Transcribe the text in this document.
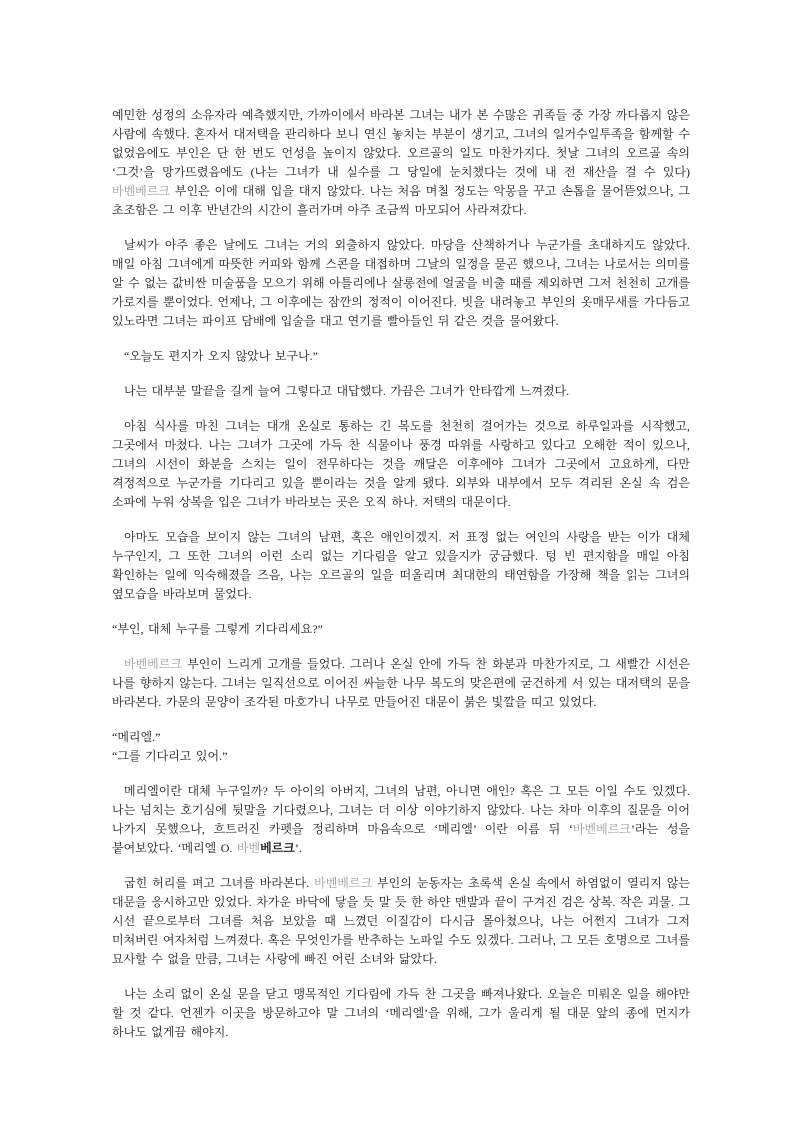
예민한 성정의 소유자라 예측했지만, 가까이에서 바라본 그녀는 내가 본 수많은 귀족들 중 가장 까다롭지 않은 사람에 속했다. 혼자서 대저택을 관리하다 보니 연신 놓치는 부분이 생기고, 그녀의 일거수일투족을 함께할 수 없었음에도 부인은 단 한 번도 언성을 높이지 않았다. 오르골의 일도 마찬가지다. 첫날 그녀의 오르골 속의 ‘그것’을 망가뜨렸음에도 (나는 그녀가 내 실수를 그 당일에 눈치챘다는 것에 내 전 재산을 걸 수 있다) 바벤베르크 부인은 이에 대해 입을 대지 않았다. 나는 처음 며칠 정도는 악몽을 꾸고 손톱을 물어뜯었으나, 그 초조함은 그 이후 반년간의 시간이 흘러가며 아주 조금씩 마모되어 사라져갔다.

날씨가 아주 좋은 날에도 그녀는 거의 외출하지 않았다. 마당을 산책하거나 누군가를 초대하지도 않았다. 매일 아침 그녀에게 따뜻한 커피와 함께 스콘을 대접하며 그날의 일정을 묻곤 했으나, 그녀는 나로서는 의미를 알 수 없는 값비싼 미술품을 모으기 위해 아틀리에나 살롱전에 얼굴을 비출 때를 제외하면 그저 천천히 고개를 가로지를 뿐이었다. 언제나, 그 이후에는 잠깐의 정적이 이어진다. 빗을 내려놓고 부인의 옷매무새를 가다듬고 있노라면 그녀는 파이프 담배에 입술을 대고 연기를 빨아들인 뒤 같은 것을 물어왔다.

“오늘도 편지가 오지 않았나 보구나.”

나는 대부분 말끝을 길게 늘여 그렇다고 대답했다. 가끔은 그녀가 안타깝게 느껴졌다.

아침 식사를 마친 그녀는 대개 온실로 통하는 긴 복도를 천천히 걸어가는 것으로 하루일과를 시작했고, 그곳에서 마쳤다. 나는 그녀가 그곳에 가득 찬 식물이나 풍경 따위를 사랑하고 있다고 오해한 적이 있으나, 그녀의 시선이 화분을 스치는 일이 전무하다는 것을 깨달은 이후에야 그녀가 그곳에서 고요하게, 다만 격정적으로 누군가를 기다리고 있을 뿐이라는 것을 알게 됐다. 외부와 내부에서 모두 격리된 온실 속 검은 소파에 누워 상복을 입은 그녀가 바라보는 곳은 오직 하나. 저택의 대문이다.

아마도 모습을 보이지 않는 그녀의 남편, 혹은 애인이겠지. 저 표정 없는 여인의 사랑을 받는 이가 대체 누구인지, 그 또한 그녀의 이런 소리 없는 기다림을 알고 있을지가 궁금했다. 텅 빈 편지함을 매일 아침 확인하는 일에 익숙해졌을 즈음, 나는 오르골의 일을 떠올리며 최대한의 태연함을 가장해 책을 읽는 그녀의 옆모습을 바라보며 물었다.

“부인, 대체 누구를 그렇게 기다리세요?”

바벤베르크 부인이 느리게 고개를 들었다. 그러나 온실 안에 가득 찬 화분과 마찬가지로, 그 새빨간 시선은 나를 향하지 않는다. 그녀는 일직선으로 이어진 싸늘한 나무 복도의 맞은편에 굳건하게 서 있는 대저택의 문을 바라본다. 가문의 문양이 조각된 마호가니 나무로 만들어진 대문이 붉은 빛깔을 띠고 있었다.

“메리엘.”

“그를 기다리고 있어.”

메리엘이란 대체 누구일까? 두 아이의 아버지, 그녀의 남편, 아니면 애인? 혹은 그 모든 이일 수도 있겠다. 나는 넘치는 호기심에 뒷말을 기다렸으나, 그녀는 더 이상 이야기하지 않았다. 나는 차마 이후의 질문을 이어 나가지 못했으나, 흐트러진 카펫을 정리하며 마음속으로 ‘메리엘’ 이란 이름 뒤 ‘바벤베르크’라는 성을 붙여보았다. ‘메리엘 O. 바벤베르크’.

굽힌 허리를 펴고 그녀를 바라본다. 바벤베르크 부인의 눈동자는 초록색 온실 속에서 하염없이 열리지 않는 대문을 응시하고만 있었다. 차가운 바닥에 닿을 듯 말 듯 한 하얀 맨발과 끝이 구겨진 검은 상복. 작은 괴물. 그 시선 끝으로부터 그녀를 처음 보았을 때 느꼈던 이질감이 다시금 몰아쳤으나, 나는 어쩐지 그녀가 그저 미쳐버린 여자처럼 느껴졌다. 혹은 무엇인가를 반추하는 노파일 수도 있겠다. 그러나, 그 모든 호명으로 그녀를 묘사할 수 없을 만큼, 그녀는 사랑에 빠진 어린 소녀와 닮았다.

나는 소리 없이 온실 문을 닫고 맹목적인 기다림에 가득 찬 그곳을 빠져나왔다. 오늘은 미뤄온 일을 해야만 할 것 같다. 언젠가 이곳을 방문하고야 말 그녀의 ‘메리엘’을 위해, 그가 울리게 될 대문 앞의 종에 먼지가 하나도 없게끔 해야지.
